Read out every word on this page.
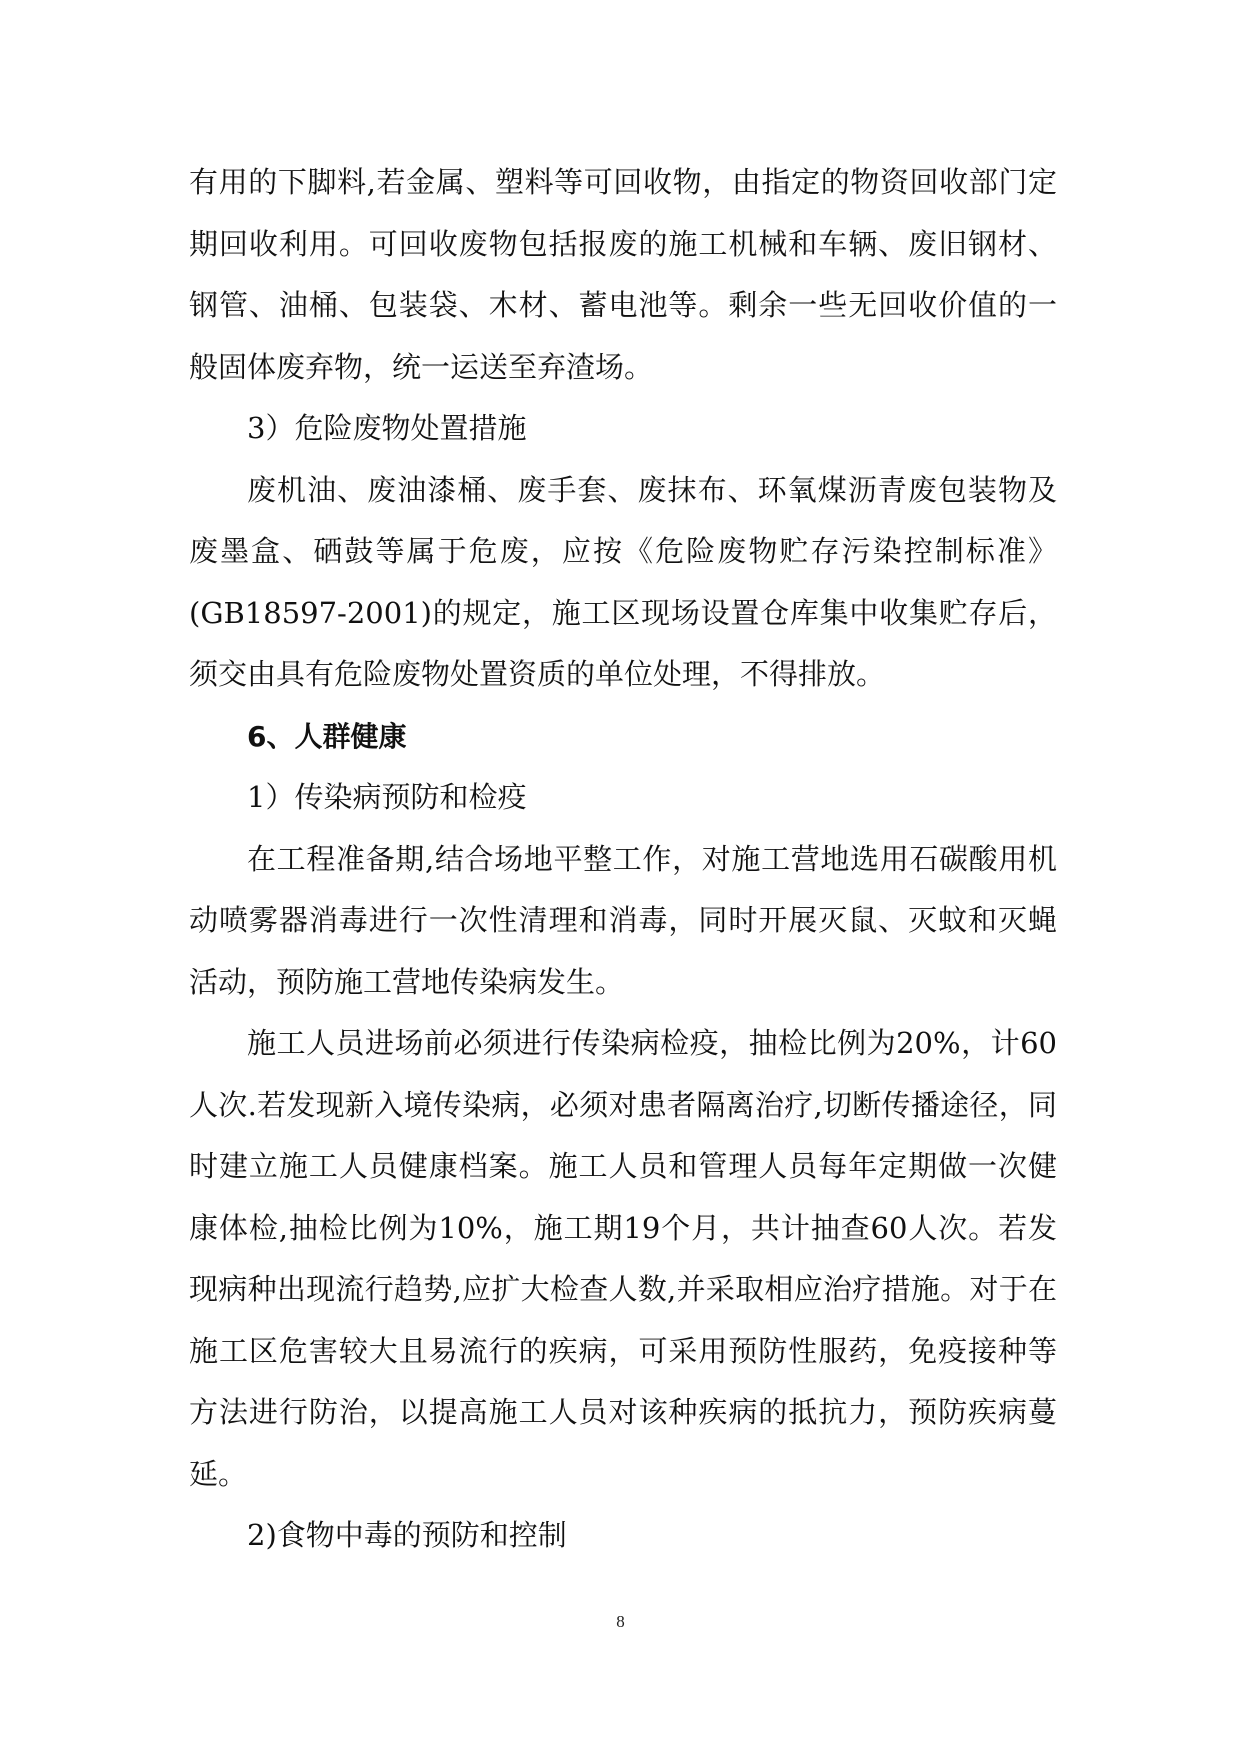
有用的下脚料,若金属、塑料等可回收物，由指定的物资回收部门定期回收利用。可回收废物包括报废的施工机械和车辆、废旧钢材、钢管、油桶、包装袋、木材、蓄电池等。剩余一些无回收价值的一般固体废弃物，统一运送至弃渣场。

3）危险废物处置措施

废机油、废油漆桶、废手套、废抹布、环氧煤沥青废包装物及废墨盒、硒鼓等属于危废，应按《危险废物贮存污染控制标准》(GB18597-2001)的规定，施工区现场设置仓库集中收集贮存后，须交由具有危险废物处置资质的单位处理，不得排放。

6、人群健康

1）传染病预防和检疫

在工程准备期,结合场地平整工作，对施工营地选用石碳酸用机动喷雾器消毒进行一次性清理和消毒，同时开展灭鼠、灭蚊和灭蝇活动，预防施工营地传染病发生。

施工人员进场前必须进行传染病检疫，抽检比例为20%，计60人次.若发现新入境传染病，必须对患者隔离治疗,切断传播途径，同时建立施工人员健康档案。施工人员和管理人员每年定期做一次健康体检,抽检比例为10%，施工期19个月，共计抽查60人次。若发现病种出现流行趋势,应扩大检查人数,并采取相应治疗措施。对于在施工区危害较大且易流行的疾病，可采用预防性服药，免疫接种等方法进行防治，以提高施工人员对该种疾病的抵抗力，预防疾病蔓延。

2)食物中毒的预防和控制

8
